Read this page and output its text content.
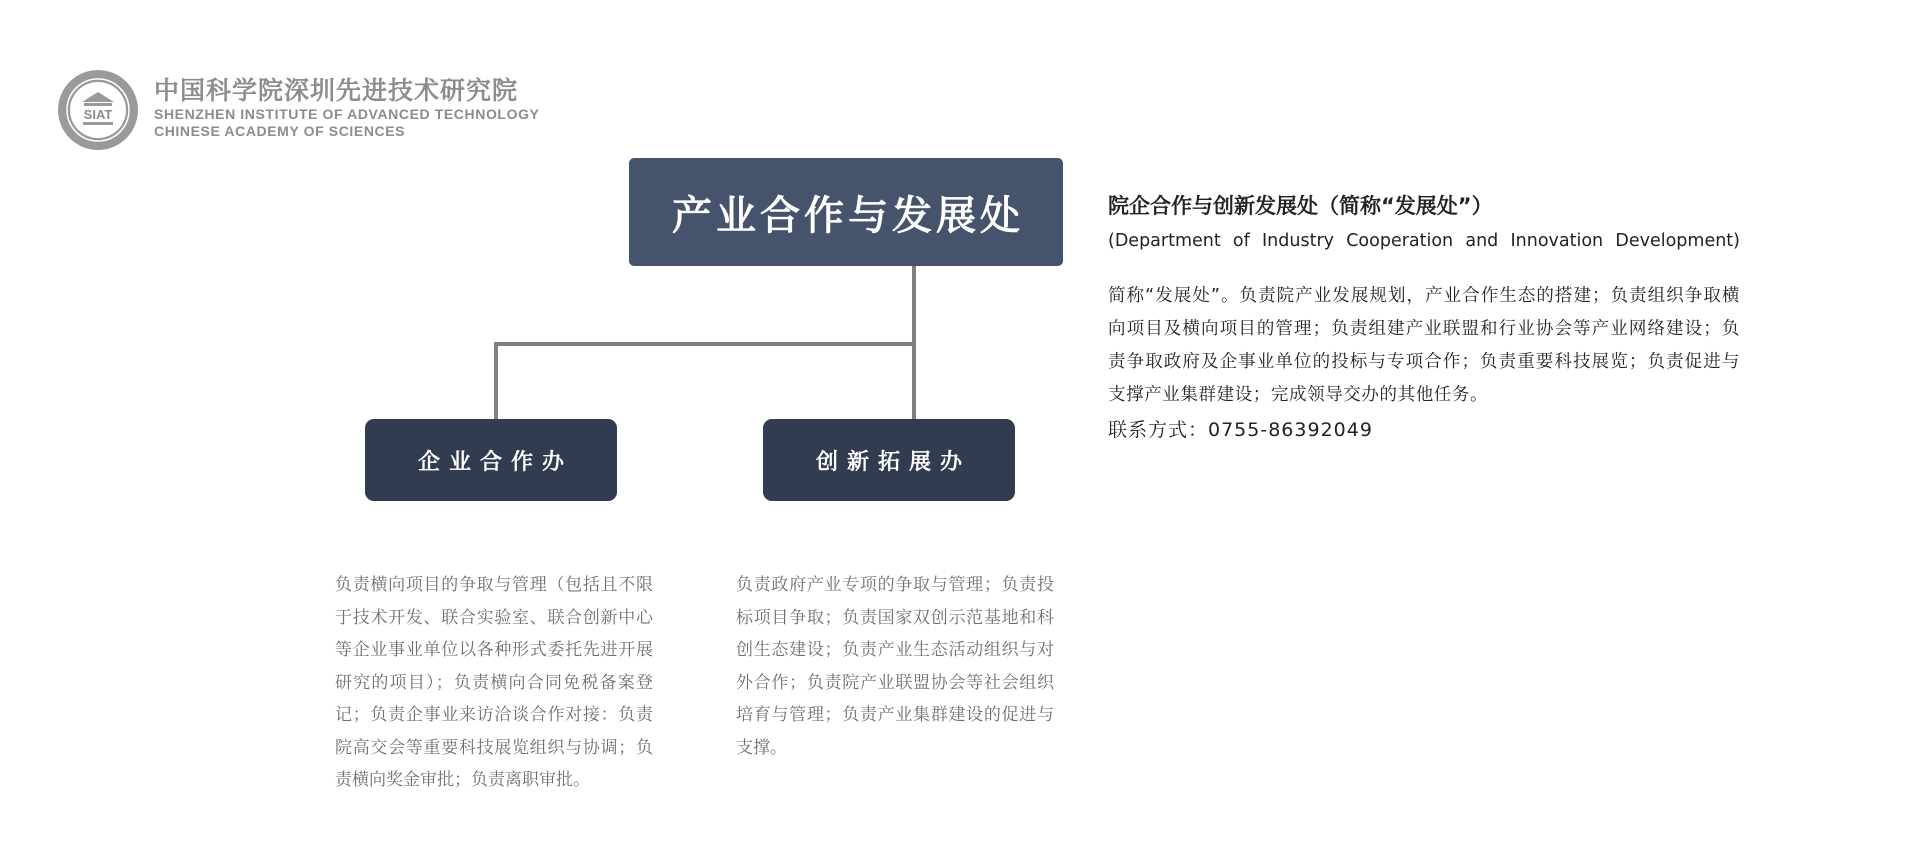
SIAT
中国科学院深圳先进技术研究院
SHENZHEN INSTITUTE OF ADVANCED TECHNOLOGY
CHINESE ACADEMY OF SCIENCES
产业合作与发展处
企业合作办	创新拓展办
负责横向项目的争取与管理（包括且不限于技术开发、联合实验室、联合创新中心等企业事业单位以各种形式委托先进开展研究的项目）；负责横向合同免税备案登记；负责企事业来访洽谈合作对接：负责院高交会等重要科技展览组织与协调；负责横向奖金审批；负责离职审批。
负责政府产业专项的争取与管理；负责投标项目争取；负责国家双创示范基地和科创生态建设；负责产业生态活动组织与对外合作；负责院产业联盟协会等社会组织培育与管理；负责产业集群建设的促进与支撑。
院企合作与创新发展处（简称“发展处”）
(Department of Industry Cooperation and Innovation Development)
简称“发展处”。负责院产业发展规划，产业合作生态的搭建；负责组织争取横向项目及横向项目的管理；负责组建产业联盟和行业协会等产业网络建设；负责争取政府及企事业单位的投标与专项合作；负责重要科技展览；负责促进与支撑产业集群建设；完成领导交办的其他任务。
联系方式：0755-86392049
